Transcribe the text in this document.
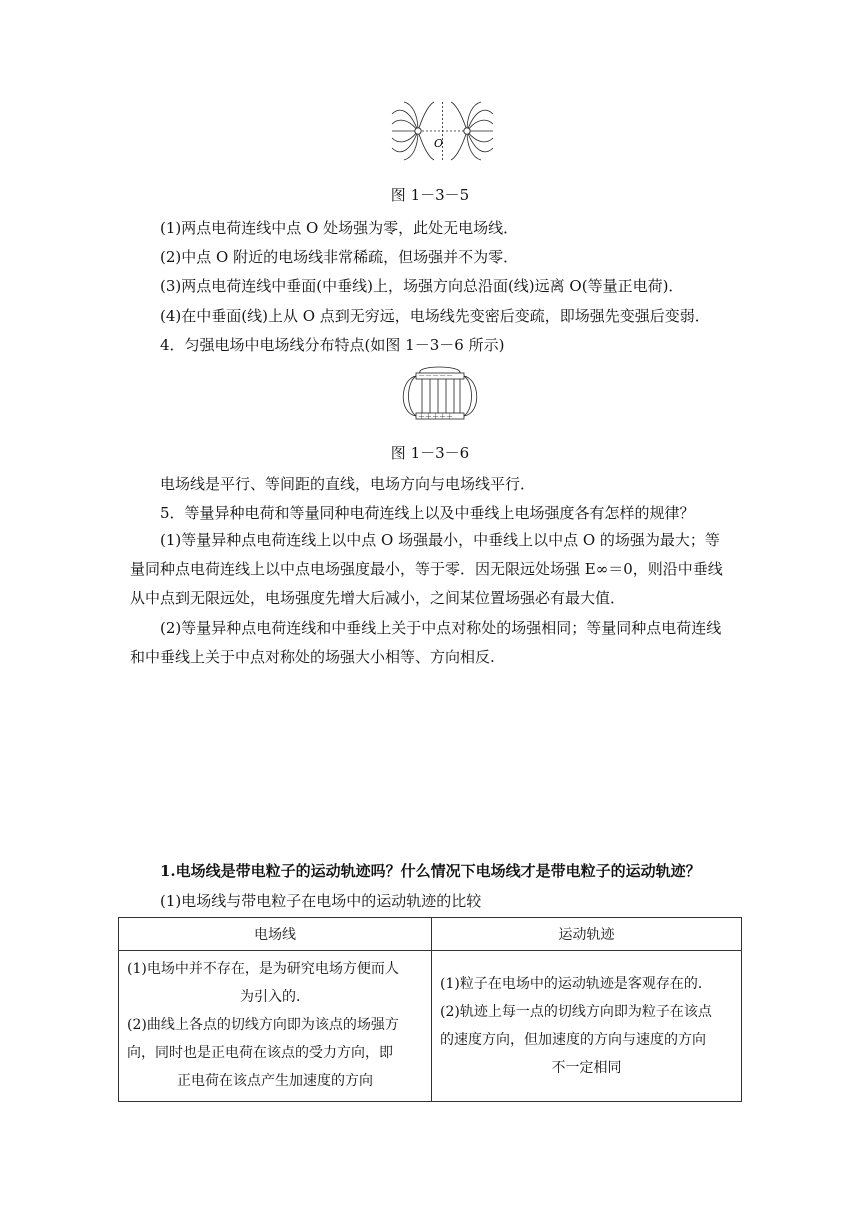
O
图 1－3－5
(1)两点电荷连线中点 O 处场强为零，此处无电场线．
(2)中点 O 附近的电场线非常稀疏，但场强并不为零．
(3)两点电荷连线中垂面(中垂线)上，场强方向总沿面(线)远离 O(等量正电荷)．
(4)在中垂面(线)上从 O 点到无穷远，电场线先变密后变疏，即场强先变强后变弱．
4．匀强电场中电场线分布特点(如图 1－3－6 所示)
－－－－－
＋＋＋＋＋
图 1－3－6
电场线是平行、等间距的直线，电场方向与电场线平行．
5．等量异种电荷和等量同种电荷连线上以及中垂线上电场强度各有怎样的规律？
(1)等量异种点电荷连线上以中点 O 场强最小，中垂线上以中点 O 的场强为最大；等量同种点电荷连线上以中点电场强度最小，等于零．因无限远处场强 E∞＝0，则沿中垂线从中点到无限远处，电场强度先增大后减小，之间某位置场强必有最大值．
(2)等量异种点电荷连线和中垂线上关于中点对称处的场强相同；等量同种点电荷连线和中垂线上关于中点对称处的场强大小相等、方向相反.
1.电场线是带电粒子的运动轨迹吗？什么情况下电场线才是带电粒子的运动轨迹？
(1)电场线与带电粒子在电场中的运动轨迹的比较
电场线	运动轨迹

(1)电场中并不存在，是为研究电场方便而人
为引入的．
(2)曲线上各点的切线方向即为该点的场强方
向，同时也是正电荷在该点的受力方向，即
正电荷在该点产生加速度的方向	(1)粒子在电场中的运动轨迹是客观存在的．
(2)轨迹上每一点的切线方向即为粒子在该点
的速度方向，但加速度的方向与速度的方向
不一定相同
